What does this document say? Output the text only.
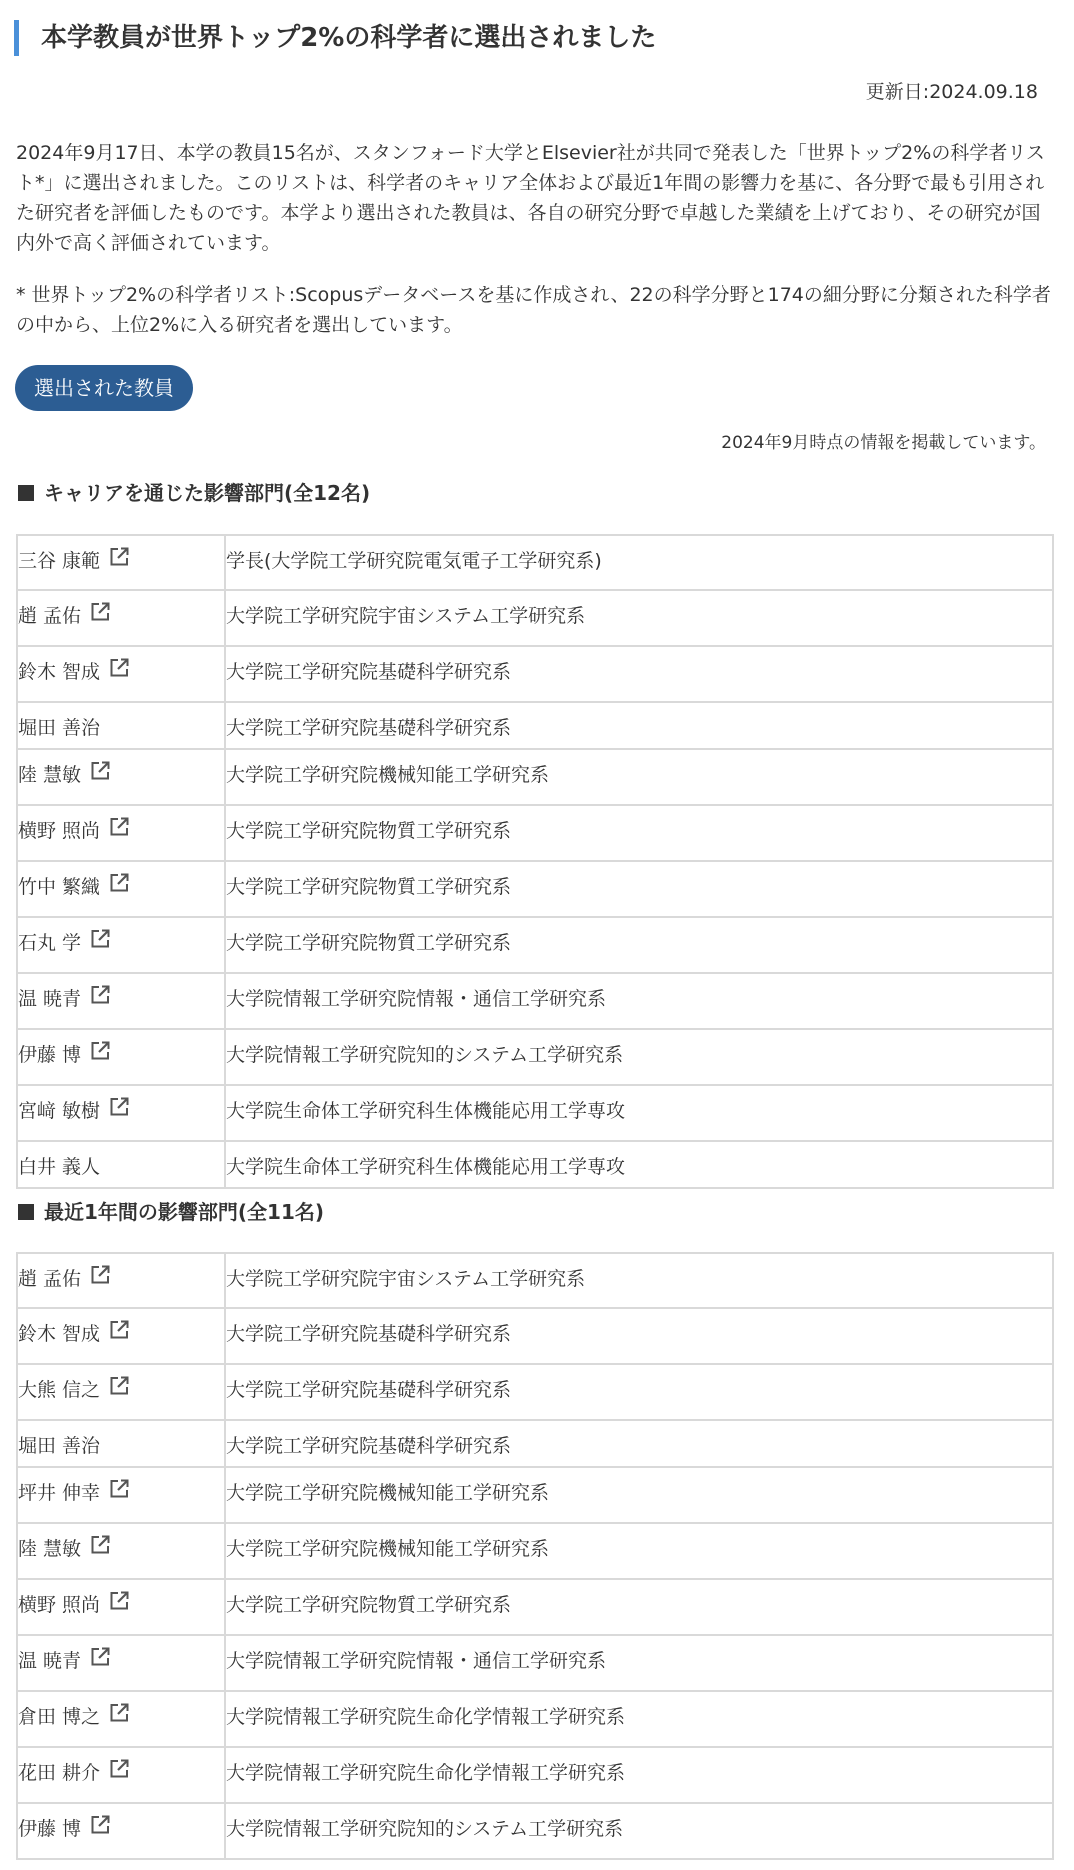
本学教員が世界トップ2%の科学者に選出されました
更新日:2024.09.18

2024年9月17日、本学の教員15名が、スタンフォード大学とElsevier社が共同で発表した「世界トップ2%の科学者リスト*」に選出されました。このリストは、科学者のキャリア全体および最近1年間の影響力を基に、各分野で最も引用された研究者を評価したものです。本学より選出された教員は、各自の研究分野で卓越した業績を上げており、その研究が国内外で高く評価されています。

* 世界トップ2%の科学者リスト:Scopusデータベースを基に作成され、22の科学分野と174の細分野に分類された科学者の中から、上位2%に入る研究者を選出しています。

選出された教員
2024年9月時点の情報を掲載しています。
キャリアを通じた影響部門(全12名)
三谷 康範	学長(大学院工学研究院電気電子工学研究系)
趙 孟佑	大学院工学研究院宇宙システム工学研究系
鈴木 智成	大学院工学研究院基礎科学研究系
堀田 善治	大学院工学研究院基礎科学研究系
陸 慧敏	大学院工学研究院機械知能工学研究系
横野 照尚	大学院工学研究院物質工学研究系
竹中 繁織	大学院工学研究院物質工学研究系
石丸 学	大学院工学研究院物質工学研究系
温 暁青	大学院情報工学研究院情報・通信工学研究系
伊藤 博	大学院情報工学研究院知的システム工学研究系
宮﨑 敏樹	大学院生命体工学研究科生体機能応用工学専攻
白井 義人	大学院生命体工学研究科生体機能応用工学専攻
最近1年間の影響部門(全11名)
趙 孟佑	大学院工学研究院宇宙システム工学研究系
鈴木 智成	大学院工学研究院基礎科学研究系
大熊 信之	大学院工学研究院基礎科学研究系
堀田 善治	大学院工学研究院基礎科学研究系
坪井 伸幸	大学院工学研究院機械知能工学研究系
陸 慧敏	大学院工学研究院機械知能工学研究系
横野 照尚	大学院工学研究院物質工学研究系
温 暁青	大学院情報工学研究院情報・通信工学研究系
倉田 博之	大学院情報工学研究院生命化学情報工学研究系
花田 耕介	大学院情報工学研究院生命化学情報工学研究系
伊藤 博	大学院情報工学研究院知的システム工学研究系
